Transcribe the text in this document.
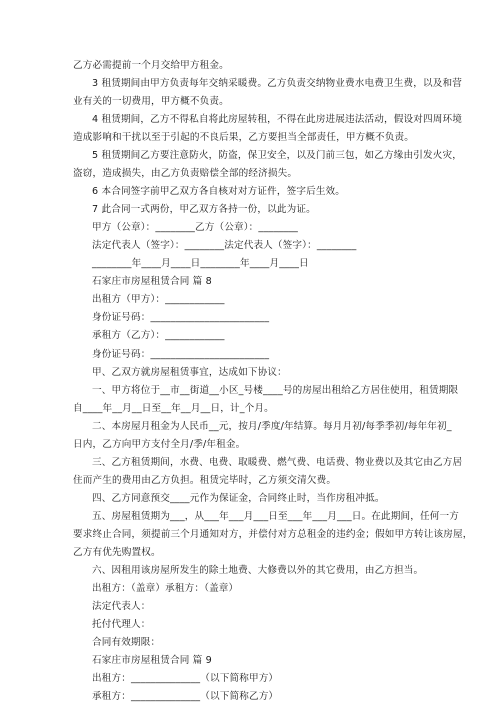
乙方必需提前一个月交给甲方租金。
3 租赁期间由甲方负责每年交纳采暖费。乙方负责交纳物业费水电费卫生费，以及和营
业有关的一切费用，甲方概不负责。
4 租赁期间，乙方不得私自将此房屋转租，不得在此房进展违法活动，假设对四周环境
造成影响和干扰以至于引起的不良后果，乙方要担当全部责任，甲方概不负责。
5 租赁期间乙方要注意防火，防盗，保卫安全，以及门前三包，如乙方缘由引发火灾，
盗窃，造成损失，由乙方负责赔偿全部的经济损失。
6 本合同签字前甲乙双方各自核对对方证件，签字后生效。
7 此合同一式两份，甲乙双方各持一份，以此为证。
甲方（公章）：________乙方（公章）：________
法定代表人（签字）：________法定代表人（签字）：________
________年____月____日________年____月____日
石家庄市房屋租赁合同 篇 8
出租方（甲方）：____________
身份证号码：________________________
承租方（乙方）：____________
身份证号码：________________________
甲、乙双方就房屋租赁事宜，达成如下协议：
一、甲方将位于__市__街道__小区_号楼____号的房屋出租给乙方居住使用，租赁期限
自____年__月__日至__年__月__日，计_个月。
二、本房屋月租金为人民币__元，按月/季度/年结算。每月月初/每季季初/每年年初_
日内，乙方向甲方支付全月/季/年租金。
三、乙方租赁期间，水费、电费、取暖费、燃气费、电话费、物业费以及其它由乙方居
住而产生的费用由乙方负担。租赁完毕时，乙方须交清欠费。
四、乙方同意预交____元作为保证金，合同终止时，当作房租冲抵。
五、房屋租赁期为___，从___年___月___日至___年___月___日。在此期间，任何一方
要求终止合同，须提前三个月通知对方，并偿付对方总租金的违约金；假如甲方转让该房屋，
乙方有优先购置权。
六、因租用该房屋所发生的除土地费、大修费以外的其它费用，由乙方担当。
出租方：（盖章）承租方：（盖章）
法定代表人：
托付代理人：
合同有效期限：
石家庄市房屋租赁合同 篇 9
出租方：______________（以下简称甲方）
承租方：______________（以下简称乙方）
